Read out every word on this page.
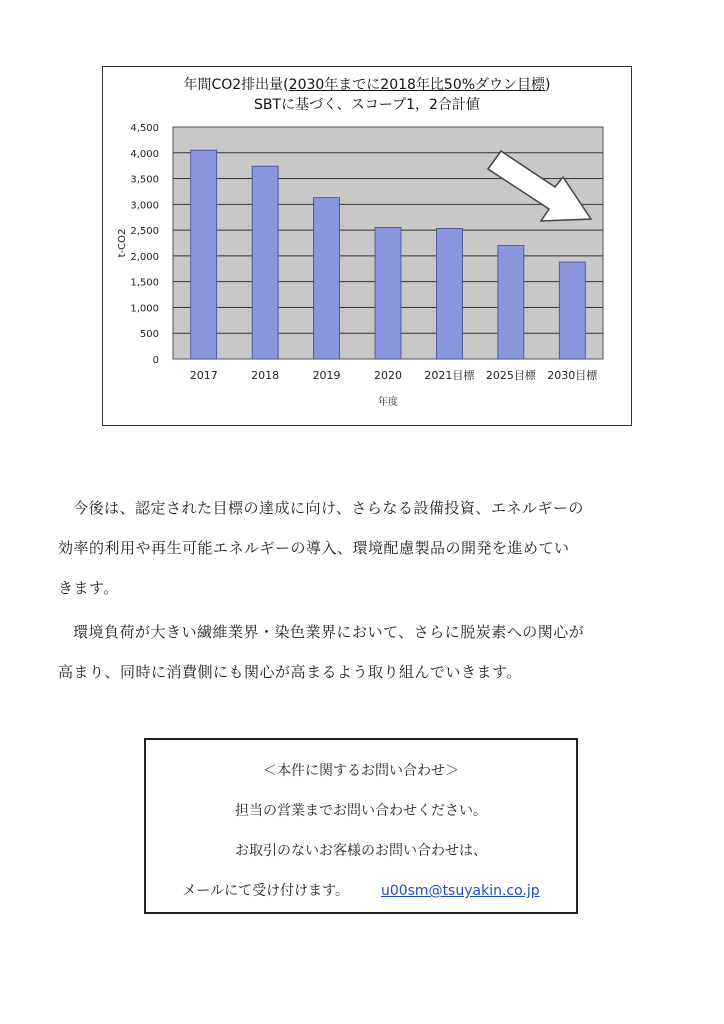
0
500
1,000
1,500
2,000
2,500
3,000
3,500
4,000
4,500
2017	2018	2019	2020 2021目標 2025目標 2030目標
年度
t-CO2
年間CO2排出量(2030年までに2018年比50%ダウン目標)
SBTに基づく、スコープ1，2合計値

今後は、認定された目標の達成に向け、さらなる設備投資、エネルギーの

効率的利用や再生可能エネルギーの導入、環境配慮製品の開発を進めてい
きます。

環境負荷が大きい繊維業界・染色業界において、さらに脱炭素への関心が

高まり、同時に消費側にも関心が高まるよう取り組んでいきます。
＜本件に関するお問い合わせ＞
担当の営業までお問い合わせください。
お取引のないお客様のお問い合わせは、
メールにて受け付けます。 u00sm@tsuyakin.co.jp
